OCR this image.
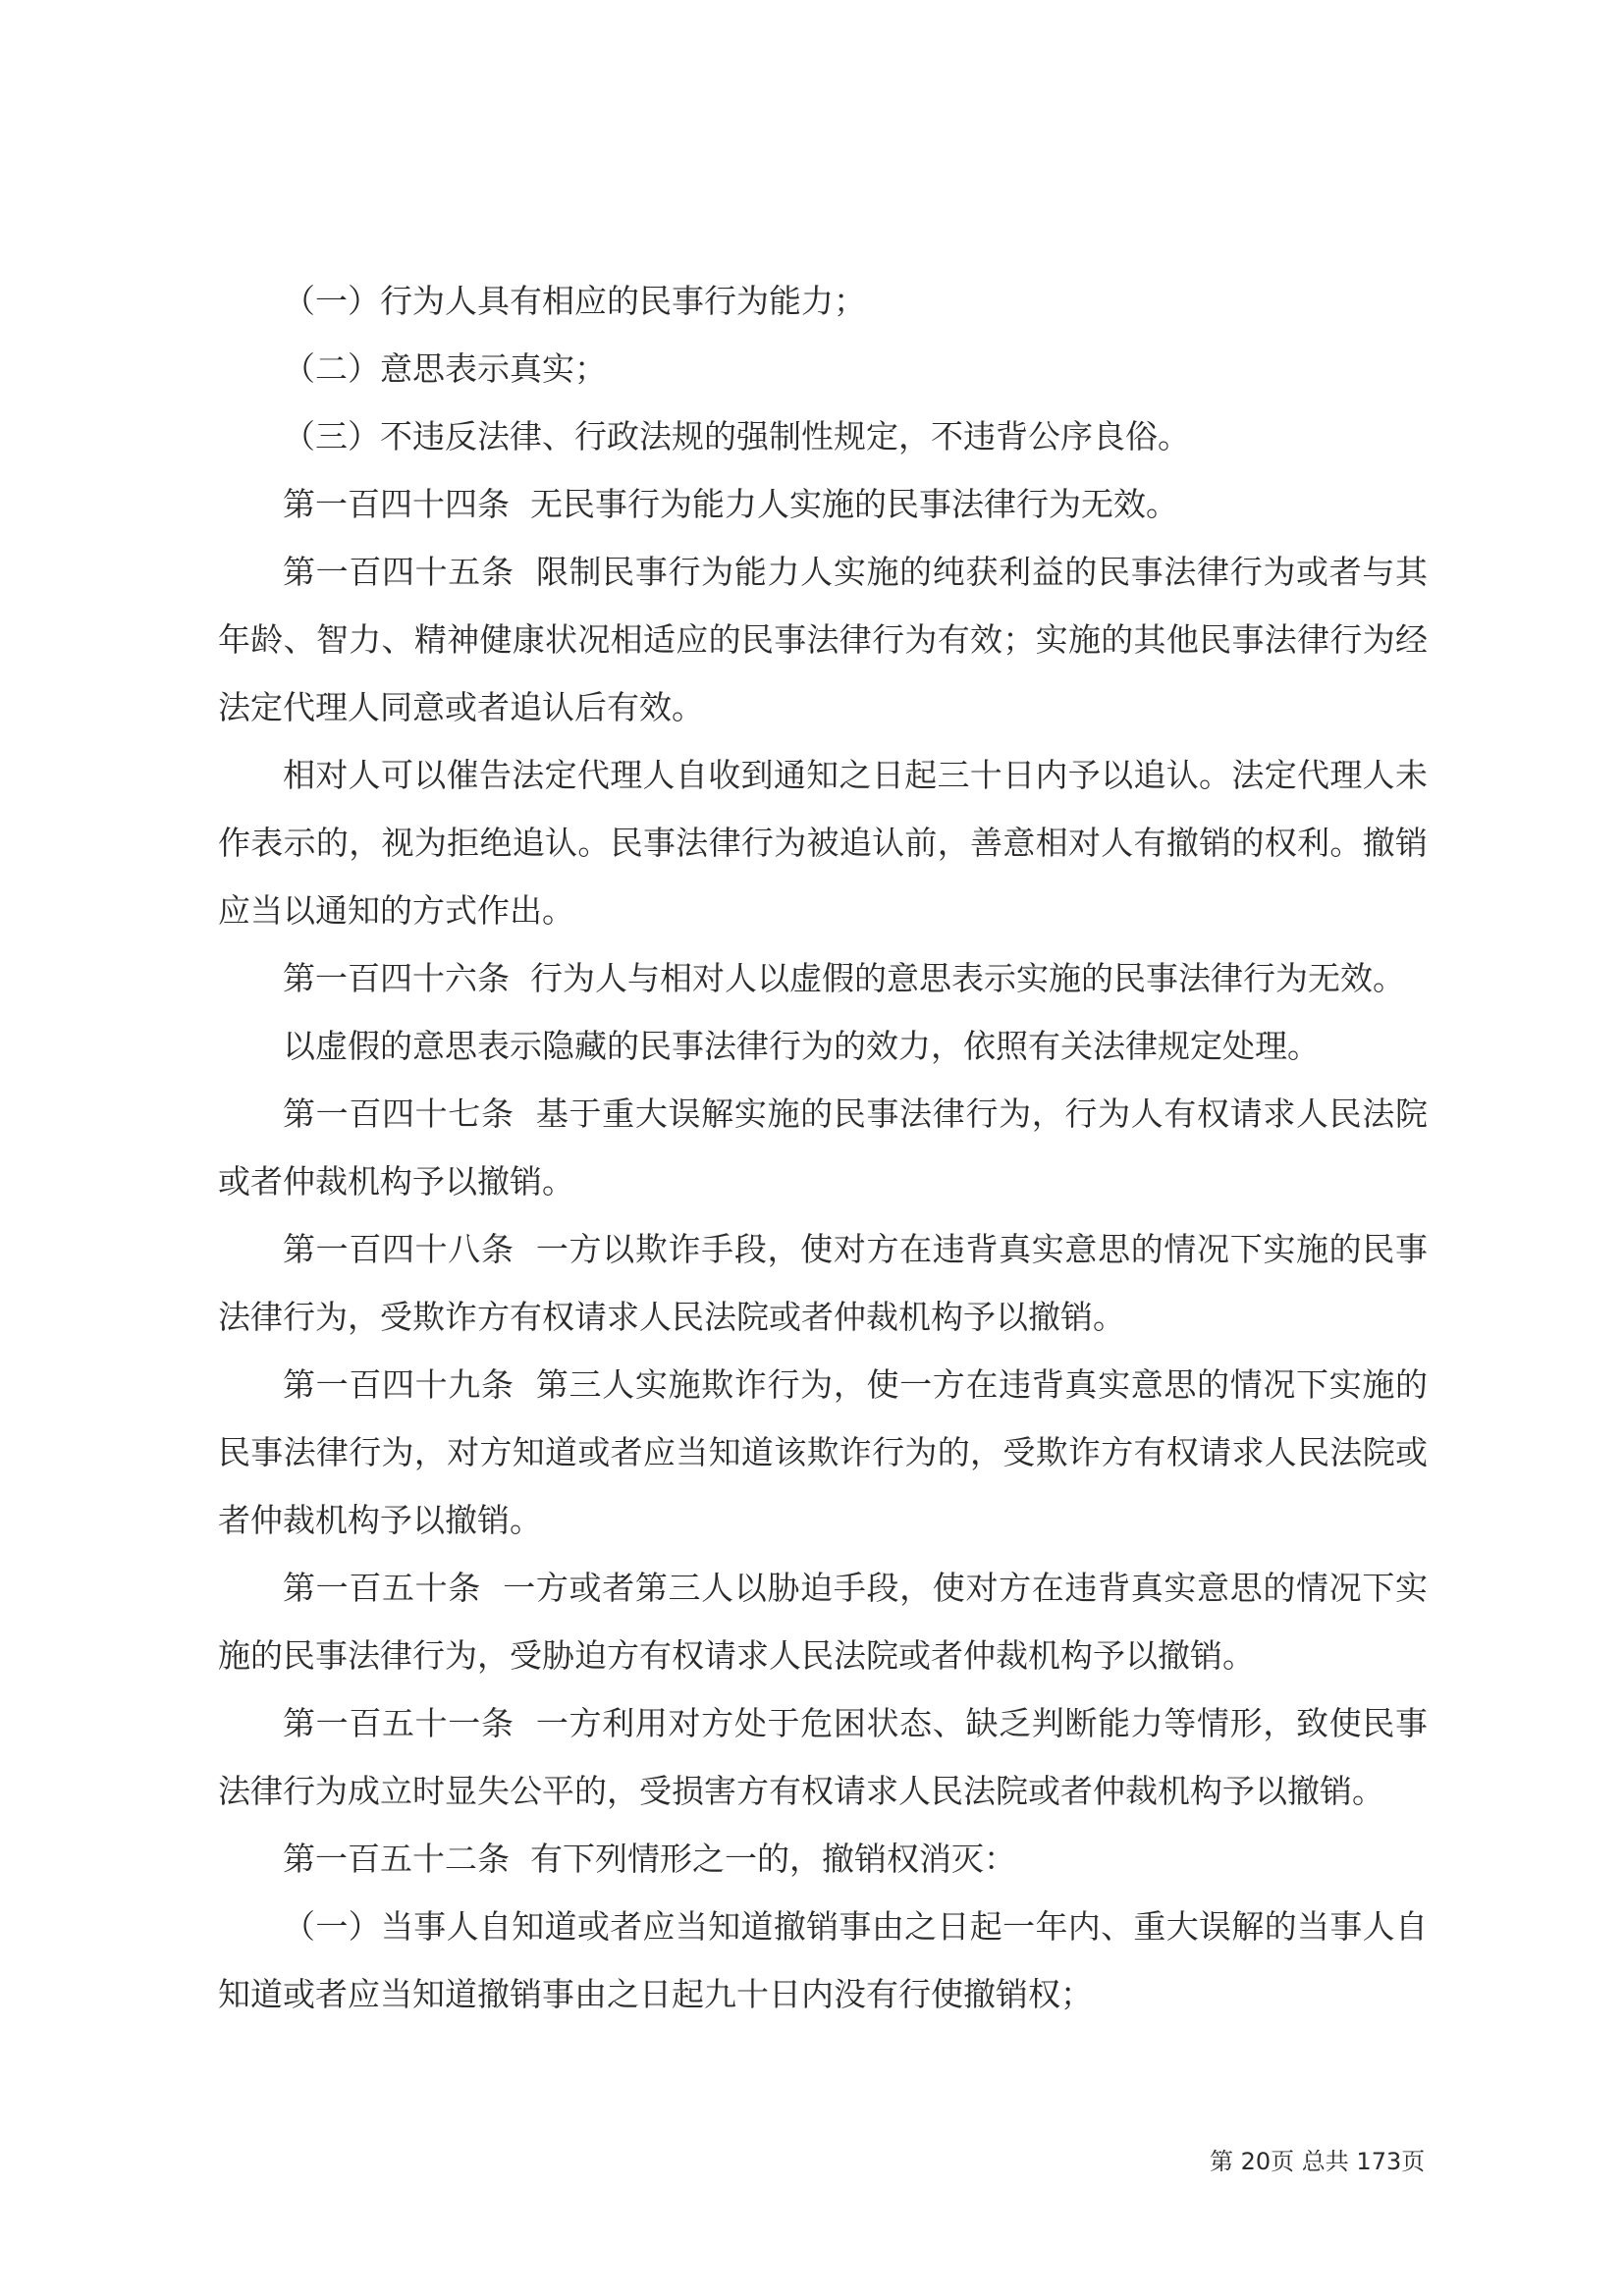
（一）行为人具有相应的民事行为能力；

（二）意思表示真实；

（三）不违反法律、行政法规的强制性规定，不违背公序良俗。

第一百四十四条  无民事行为能力人实施的民事法律行为无效。

第一百四十五条  限制民事行为能力人实施的纯获利益的民事法律行为或者与其年龄、智力、精神健康状况相适应的民事法律行为有效；实施的其他民事法律行为经法定代理人同意或者追认后有效。

相对人可以催告法定代理人自收到通知之日起三十日内予以追认。法定代理人未作表示的，视为拒绝追认。民事法律行为被追认前，善意相对人有撤销的权利。撤销应当以通知的方式作出。

第一百四十六条  行为人与相对人以虚假的意思表示实施的民事法律行为无效。

以虚假的意思表示隐藏的民事法律行为的效力，依照有关法律规定处理。

第一百四十七条  基于重大误解实施的民事法律行为，行为人有权请求人民法院或者仲裁机构予以撤销。

第一百四十八条  一方以欺诈手段，使对方在违背真实意思的情况下实施的民事法律行为，受欺诈方有权请求人民法院或者仲裁机构予以撤销。

第一百四十九条  第三人实施欺诈行为，使一方在违背真实意思的情况下实施的民事法律行为，对方知道或者应当知道该欺诈行为的，受欺诈方有权请求人民法院或者仲裁机构予以撤销。

第一百五十条  一方或者第三人以胁迫手段，使对方在违背真实意思的情况下实施的民事法律行为，受胁迫方有权请求人民法院或者仲裁机构予以撤销。

第一百五十一条  一方利用对方处于危困状态、缺乏判断能力等情形，致使民事法律行为成立时显失公平的，受损害方有权请求人民法院或者仲裁机构予以撤销。

第一百五十二条  有下列情形之一的，撤销权消灭：

（一）当事人自知道或者应当知道撤销事由之日起一年内、重大误解的当事人自知道或者应当知道撤销事由之日起九十日内没有行使撤销权；

第 20页 总共 173页
